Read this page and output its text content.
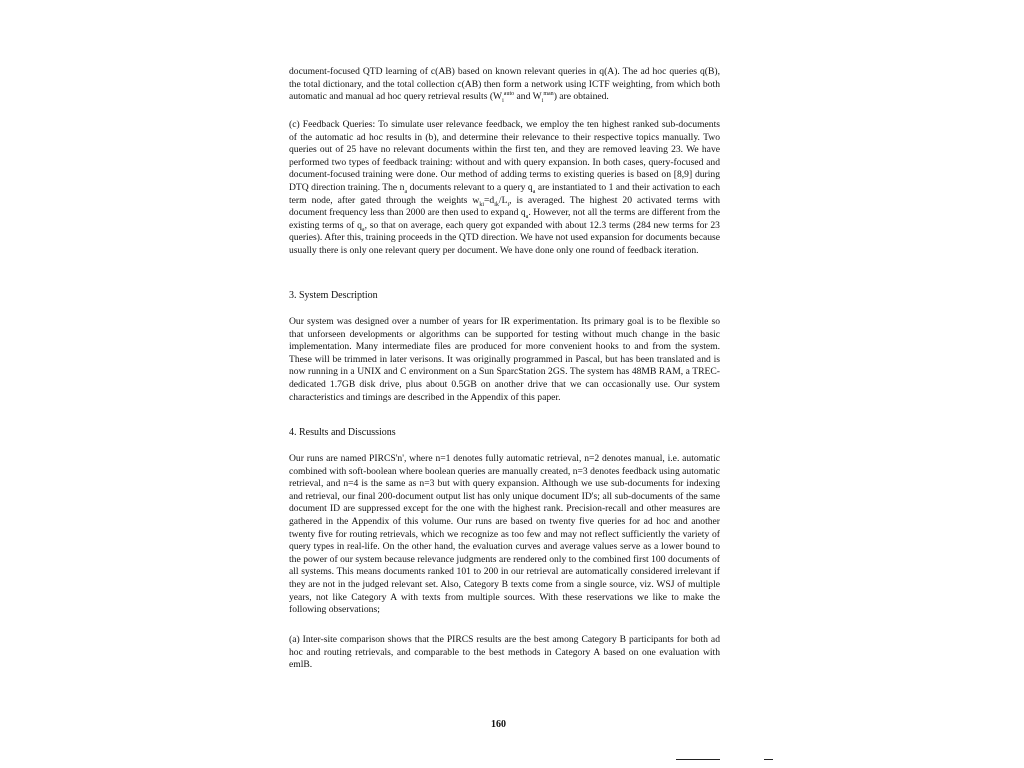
document-focused QTD learning of c(AB) based on known relevant queries in q(A). The ad hoc queries q(B), the total dictionary, and the total collection c(AB) then form a network using ICTF weighting, from which both automatic and manual ad hoc query retrieval results ($W_i^{auto}$ and $W_i^{man}$) are obtained.

(c) Feedback Queries: To simulate user relevance feedback, we employ the ten highest ranked sub-documents of the automatic ad hoc results in (b), and determine their relevance to their respective topics manually. Two queries out of 25 have no relevant documents within the first ten, and they are removed leaving 23. We have performed two types of feedback training: without and with query expansion. In both cases, query-focused and document-focused training were done. Our method of adding terms to existing queries is based on [8,9] during DTQ direction training. The $n_a$ documents relevant to a query $q_a$ are instantiated to 1 and their activation to each term node, after gated through the weights $w_{ki}=d_{ik}/L_i$, is averaged. The highest 20 activated terms with document frequency less than 2000 are then used to expand $q_a$. However, not all the terms are different from the existing terms of $q_a$, so that on average, each query got expanded with about 12.3 terms (284 new terms for 23 queries). After this, training proceeds in the QTD direction. We have not used expansion for documents because usually there is only one relevant query per document. We have done only one round of feedback iteration.

3. System Description

Our system was designed over a number of years for IR experimentation. Its primary goal is to be flexible so that unforseen developments or algorithms can be supported for testing without much change in the basic implementation. Many intermediate files are produced for more convenient hooks to and from the system. These will be trimmed in later verisons. It was originally programmed in Pascal, but has been translated and is now running in a UNIX and C environment on a Sun SparcStation 2GS. The system has 48MB RAM, a TREC-dedicated 1.7GB disk drive, plus about 0.5GB on another drive that we can occasionally use. Our system characteristics and timings are described in the Appendix of this paper.

4. Results and Discussions

Our runs are named PIRCS'n', where n=1 denotes fully automatic retrieval, n=2 denotes manual, i.e. automatic combined with soft-boolean where boolean queries are manually created, n=3 denotes feedback using automatic retrieval, and n=4 is the same as n=3 but with query expansion. Although we use sub-documents for indexing and retrieval, our final 200-document output list has only unique document ID's; all sub-documents of the same document ID are suppressed except for the one with the highest rank. Precision-recall and other measures are gathered in the Appendix of this volume. Our runs are based on twenty five queries for ad hoc and another twenty five for routing retrievals, which we recognize as too few and may not reflect sufficiently the variety of query types in real-life. On the other hand, the evaluation curves and average values serve as a lower bound to the power of our system because relevance judgments are rendered only to the combined first 100 documents of all systems. This means documents ranked 101 to 200 in our retrieval are automatically considered irrelevant if they are not in the judged relevant set. Also, Category B texts come from a single source, viz. WSJ of multiple years, not like Category A with texts from multiple sources. With these reservations we like to make the following observations;

(a) Inter-site comparison shows that the PIRCS results are the best among Category B participants for both ad hoc and routing retrievals, and comparable to the best methods in Category A based on one evaluation with emlB.

160
